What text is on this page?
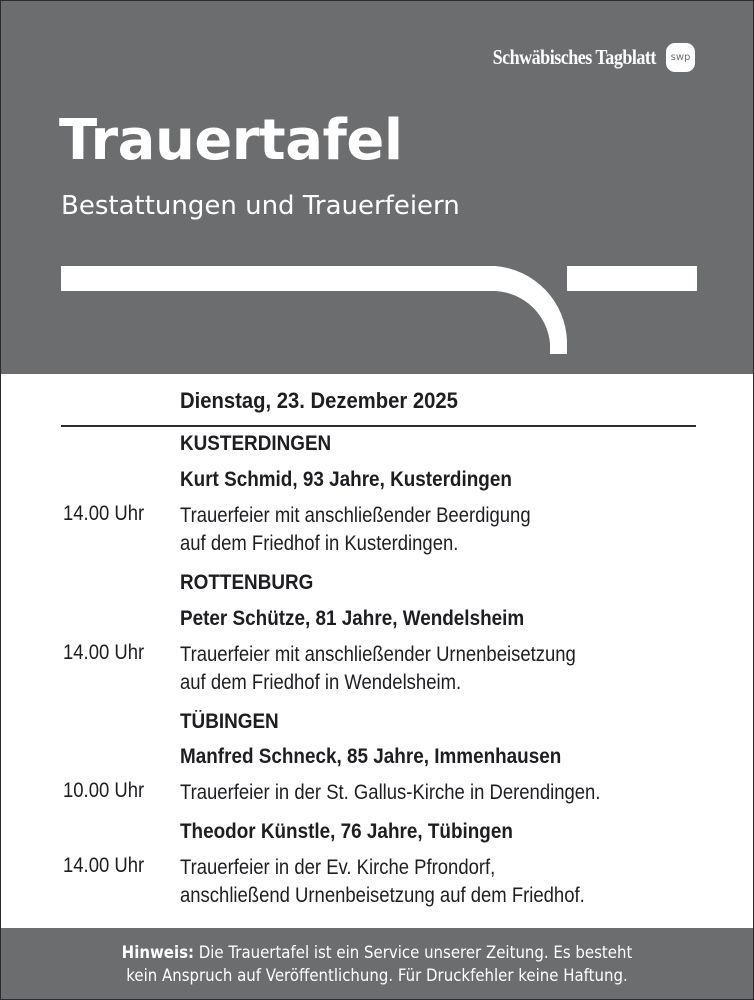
Schwäbisches Tagblatt	swp
Trauertafel
Bestattungen und Trauerfeiern
Dienstag, 23. Dezember 2025
KUSTERDINGEN
Kurt Schmid, 93 Jahre, Kusterdingen
14.00 Uhr Trauerfeier mit anschließender Beerdigung
auf dem Friedhof in Kusterdingen.
ROTTENBURG
Peter Schütze, 81 Jahre, Wendelsheim
14.00 Uhr Trauerfeier mit anschließender Urnenbeisetzung
auf dem Friedhof in Wendelsheim.
TÜBINGEN
Manfred Schneck, 85 Jahre, Immenhausen
10.00 Uhr Trauerfeier in der St. Gallus-Kirche in Derendingen.
Theodor Künstle, 76 Jahre, Tübingen
14.00 Uhr Trauerfeier in der Ev. Kirche Pfrondorf,
anschließend Urnenbeisetzung auf dem Friedhof.
Hinweis: Die Trauertafel ist ein Service unserer Zeitung. Es besteht
kein Anspruch auf Veröffentlichung. Für Druckfehler keine Haftung.
